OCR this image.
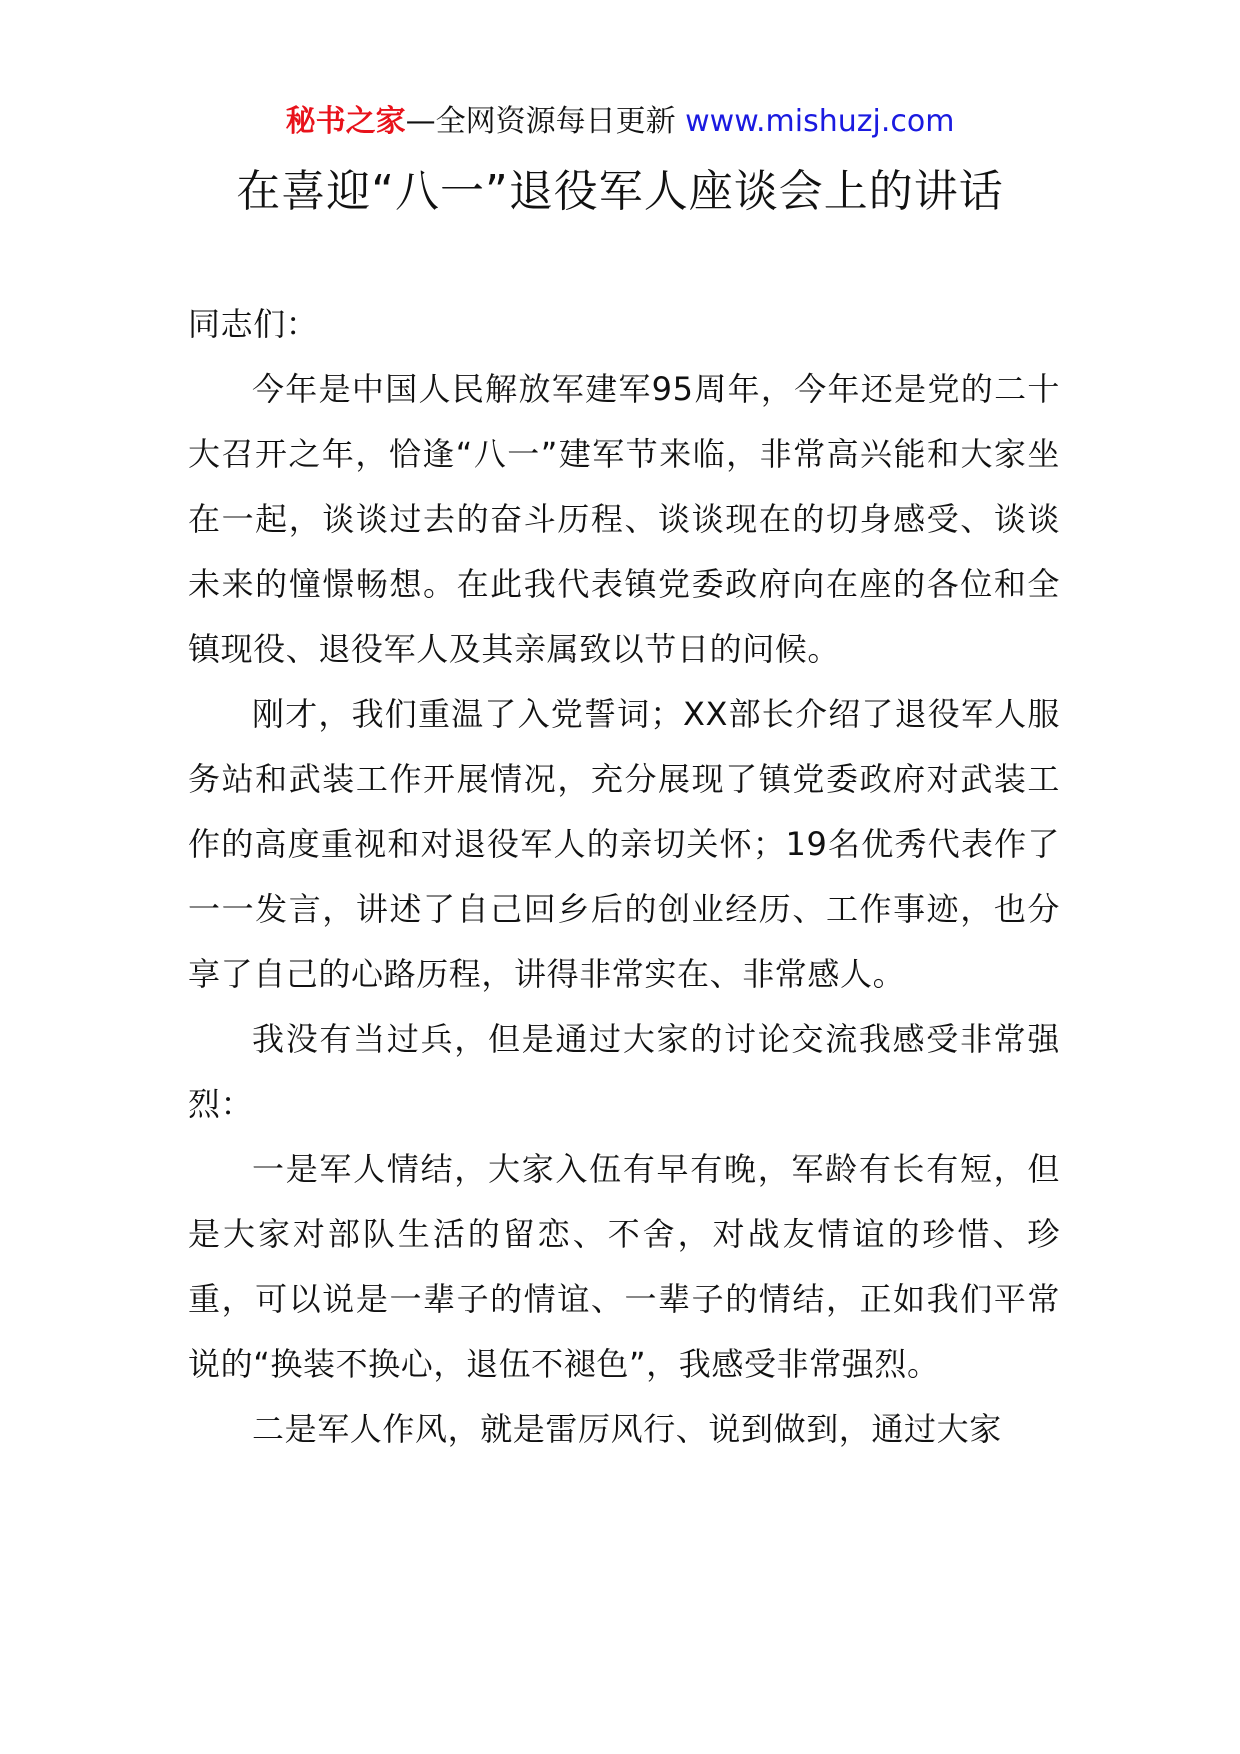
秘书之家—全网资源每日更新 www.mishuzj.com
在喜迎“八一”退役军人座谈会上的讲话

同志们：

今年是中国人民解放军建军95周年，今年还是党的二十大召开之年，恰逢“八一”建军节来临，非常高兴能和大家坐在一起，谈谈过去的奋斗历程、谈谈现在的切身感受、谈谈未来的憧憬畅想。在此我代表镇党委政府向在座的各位和全镇现役、退役军人及其亲属致以节日的问候。

刚才，我们重温了入党誓词；XX部长介绍了退役军人服务站和武装工作开展情况，充分展现了镇党委政府对武装工作的高度重视和对退役军人的亲切关怀；19名优秀代表作了一一发言，讲述了自己回乡后的创业经历、工作事迹，也分享了自己的心路历程，讲得非常实在、非常感人。

我没有当过兵，但是通过大家的讨论交流我感受非常强烈：

一是军人情结，大家入伍有早有晚，军龄有长有短，但是大家对部队生活的留恋、不舍，对战友情谊的珍惜、珍重，可以说是一辈子的情谊、一辈子的情结，正如我们平常说的“换装不换心，退伍不褪色”，我感受非常强烈。

二是军人作风，就是雷厉风行、说到做到，通过大家
